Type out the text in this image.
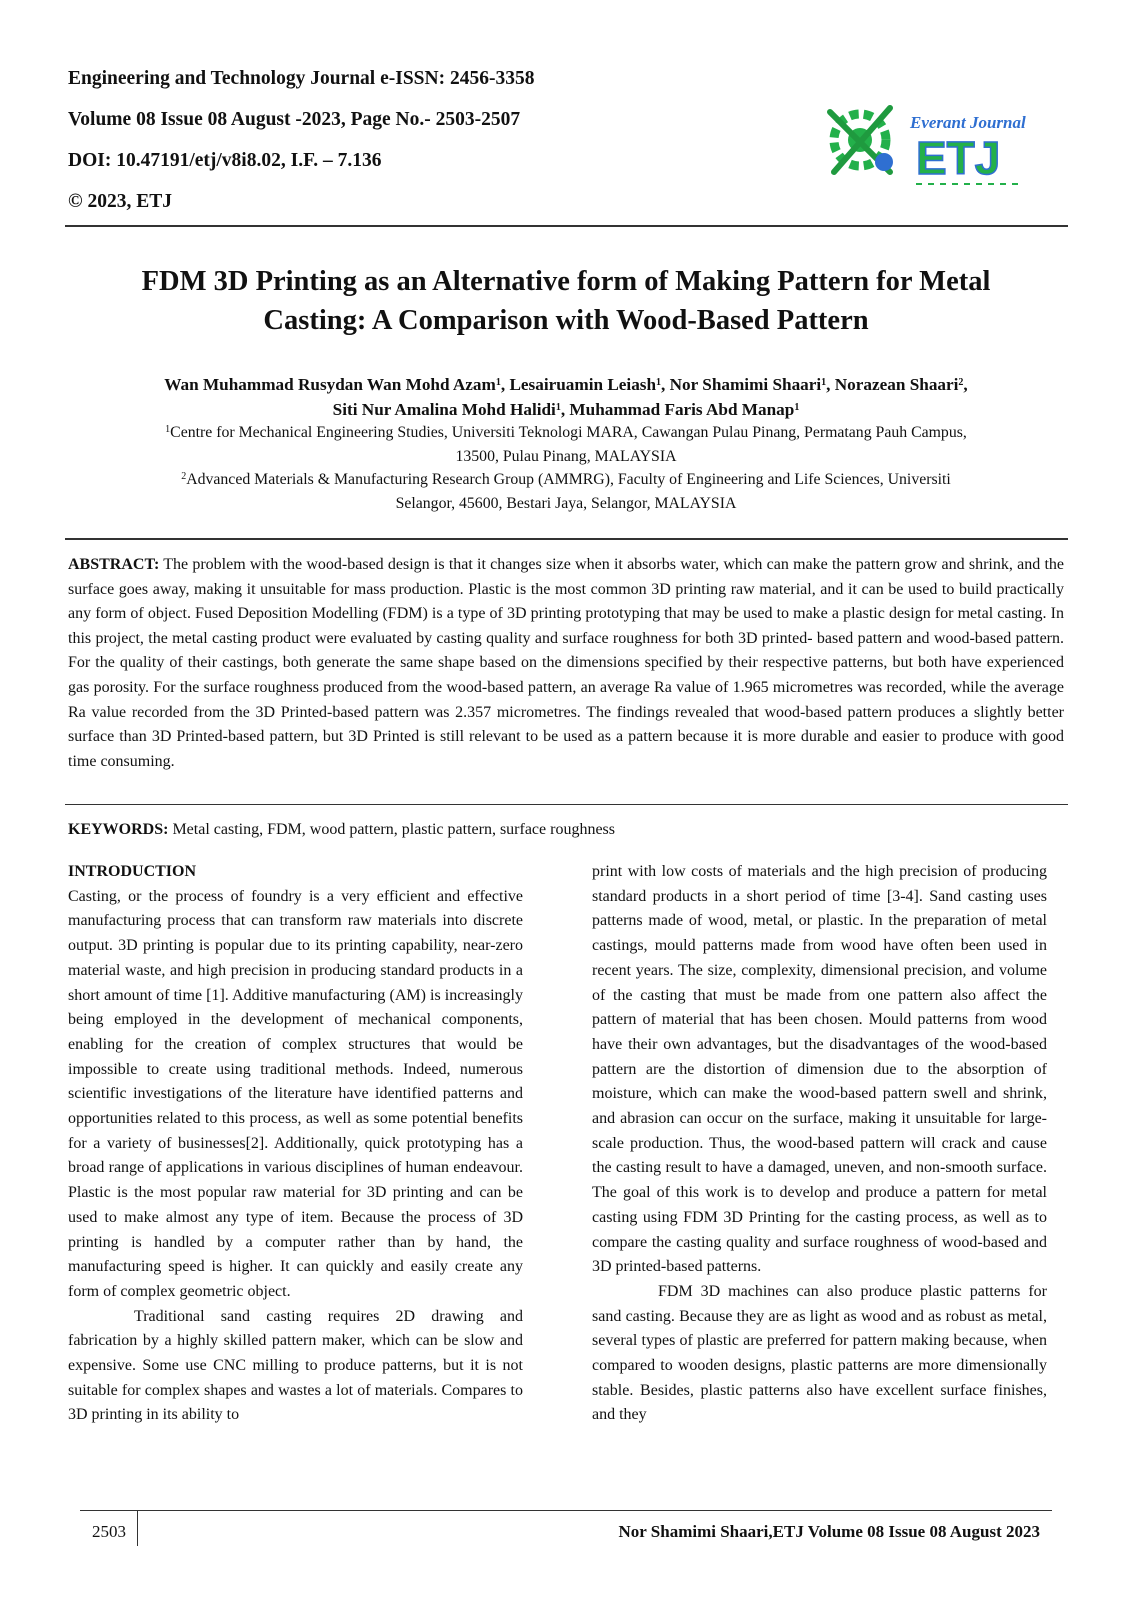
Engineering and Technology Journal e-ISSN: 2456-3358
Volume 08 Issue 08 August -2023, Page No.- 2503-2507
DOI: 10.47191/etj/v8i8.02, I.F. – 7.136
© 2023, ETJ
Everant Journal
ETJ
FDM 3D Printing as an Alternative form of Making Pattern for Metal
Casting: A Comparison with Wood-Based Pattern
Wan Muhammad Rusydan Wan Mohd Azam$^1$, Lesairuamin Leiash$^1$, Nor Shamimi Shaari$^1$, Norazean Shaari$^2$,
Siti Nur Amalina Mohd Halidi$^1$, Muhammad Faris Abd Manap$^1$
$^1$Centre for Mechanical Engineering Studies, Universiti Teknologi MARA, Cawangan Pulau Pinang, Permatang Pauh Campus,
13500, Pulau Pinang, MALAYSIA
$^2$Advanced Materials & Manufacturing Research Group (AMMRG), Faculty of Engineering and Life Sciences, Universiti
Selangor, 45600, Bestari Jaya, Selangor, MALAYSIA
ABSTRACT: The problem with the wood-based design is that it changes size when it absorbs water, which can make the pattern grow and shrink, and the surface goes away, making it unsuitable for mass production. Plastic is the most common 3D printing raw material, and it can be used to build practically any form of object. Fused Deposition Modelling (FDM) is a type of 3D printing prototyping that may be used to make a plastic design for metal casting. In this project, the metal casting product were evaluated by casting quality and surface roughness for both 3D printed- based pattern and wood-based pattern. For the quality of their castings, both generate the same shape based on the dimensions specified by their respective patterns, but both have experienced gas porosity. For the surface roughness produced from the wood-based pattern, an average Ra value of 1.965 micrometres was recorded, while the average Ra value recorded from the 3D Printed-based pattern was 2.357 micrometres. The findings revealed that wood-based pattern produces a slightly better surface than 3D Printed-based pattern, but 3D Printed is still relevant to be used as a pattern because it is more durable and easier to produce with good time consuming.
KEYWORDS: Metal casting, FDM, wood pattern, plastic pattern, surface roughness
INTRODUCTION

Casting, or the process of foundry is a very efficient and effective manufacturing process that can transform raw materials into discrete output. 3D printing is popular due to its printing capability, near-zero material waste, and high precision in producing standard products in a short amount of time [1]. Additive manufacturing (AM) is increasingly being employed in the development of mechanical components, enabling for the creation of complex structures that would be impossible to create using traditional methods. Indeed, numerous scientific investigations of the literature have identified patterns and opportunities related to this process, as well as some potential benefits for a variety of businesses[2]. Additionally, quick prototyping has a broad range of applications in various disciplines of human endeavour. Plastic is the most popular raw material for 3D printing and can be used to make almost any type of item. Because the process of 3D printing is handled by a computer rather than by hand, the manufacturing speed is higher. It can quickly and easily create any form of complex geometric object.

Traditional sand casting requires 2D drawing and fabrication by a highly skilled pattern maker, which can be slow and expensive. Some use CNC milling to produce patterns, but it is not suitable for complex shapes and wastes a lot of materials. Compares to 3D printing in its ability to

print with low costs of materials and the high precision of producing standard products in a short period of time [3-4]. Sand casting uses patterns made of wood, metal, or plastic. In the preparation of metal castings, mould patterns made from wood have often been used in recent years. The size, complexity, dimensional precision, and volume of the casting that must be made from one pattern also affect the pattern of material that has been chosen. Mould patterns from wood have their own advantages, but the disadvantages of the wood-based pattern are the distortion of dimension due to the absorption of moisture, which can make the wood-based pattern swell and shrink, and abrasion can occur on the surface, making it unsuitable for large-scale production. Thus, the wood-based pattern will crack and cause the casting result to have a damaged, uneven, and non-smooth surface. The goal of this work is to develop and produce a pattern for metal casting using FDM 3D Printing for the casting process, as well as to compare the casting quality and surface roughness of wood-based and 3D printed-based patterns.

FDM 3D machines can also produce plastic patterns for sand casting. Because they are as light as wood and as robust as metal, several types of plastic are preferred for pattern making because, when compared to wooden designs, plastic patterns are more dimensionally stable. Besides, plastic patterns also have excellent surface finishes, and they

2503	Nor Shamimi Shaari,ETJ Volume 08 Issue 08 August 2023
